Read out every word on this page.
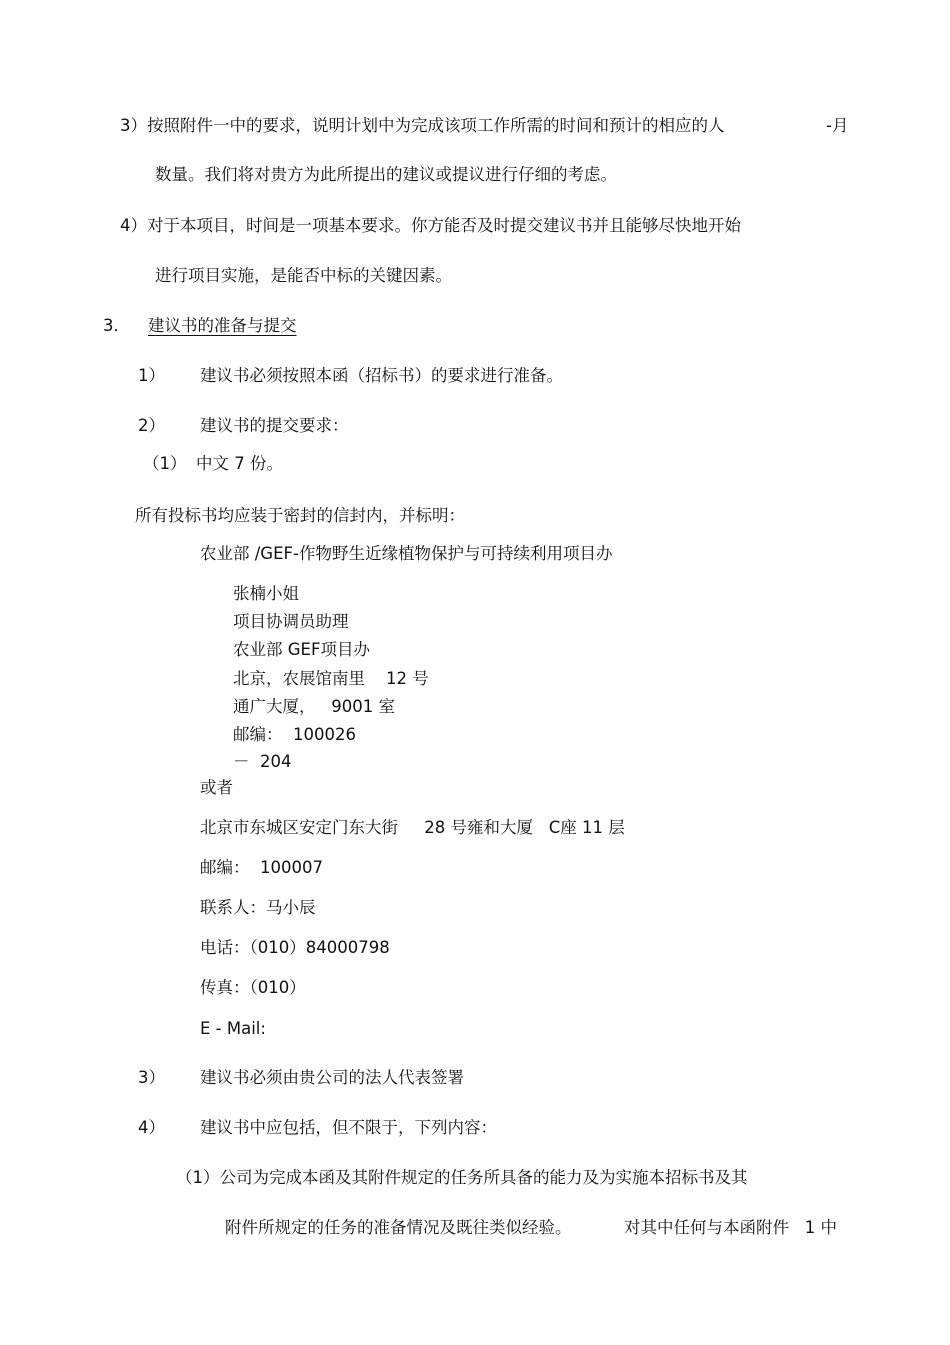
3）按照附件一中的要求，说明计划中为完成该项工作所需的时间和预计的相应的人	-月
数量。我们将对贵方为此所提出的建议或提议进行仔细的考虑。
4）对于本项目，时间是一项基本要求。你方能否及时提交建议书并且能够尽快地开始
进行项目实施，是能否中标的关键因素。
3． 建议书的准备与提交
1） 建议书必须按照本函（招标书）的要求进行准备。
2） 建议书的提交要求：
（1） 中文 7 份。
所有投标书均应装于密封的信封内，并标明：
农业部 /GEF-作物野生近缘植物保护与可持续利用项目办
张楠小姐
项目协调员助理
农业部 GEF项目办
北京，农展馆南里    12 号
通广大厦，   9001 室
邮编：  100026
－  204
或者
北京市东城区安定门东大街     28 号雍和大厦   C座 11 层
邮编：  100007
联系人：马小辰
电话：（010）84000798
传真：（010）
E - Mail:
3） 建议书必须由贵公司的法人代表签署
4） 建议书中应包括，但不限于，下列内容：
（1）公司为完成本函及其附件规定的任务所具备的能力及为实施本招标书及其
附件所规定的任务的准备情况及既往类似经验。	对其中任何与本函附件   1 中
